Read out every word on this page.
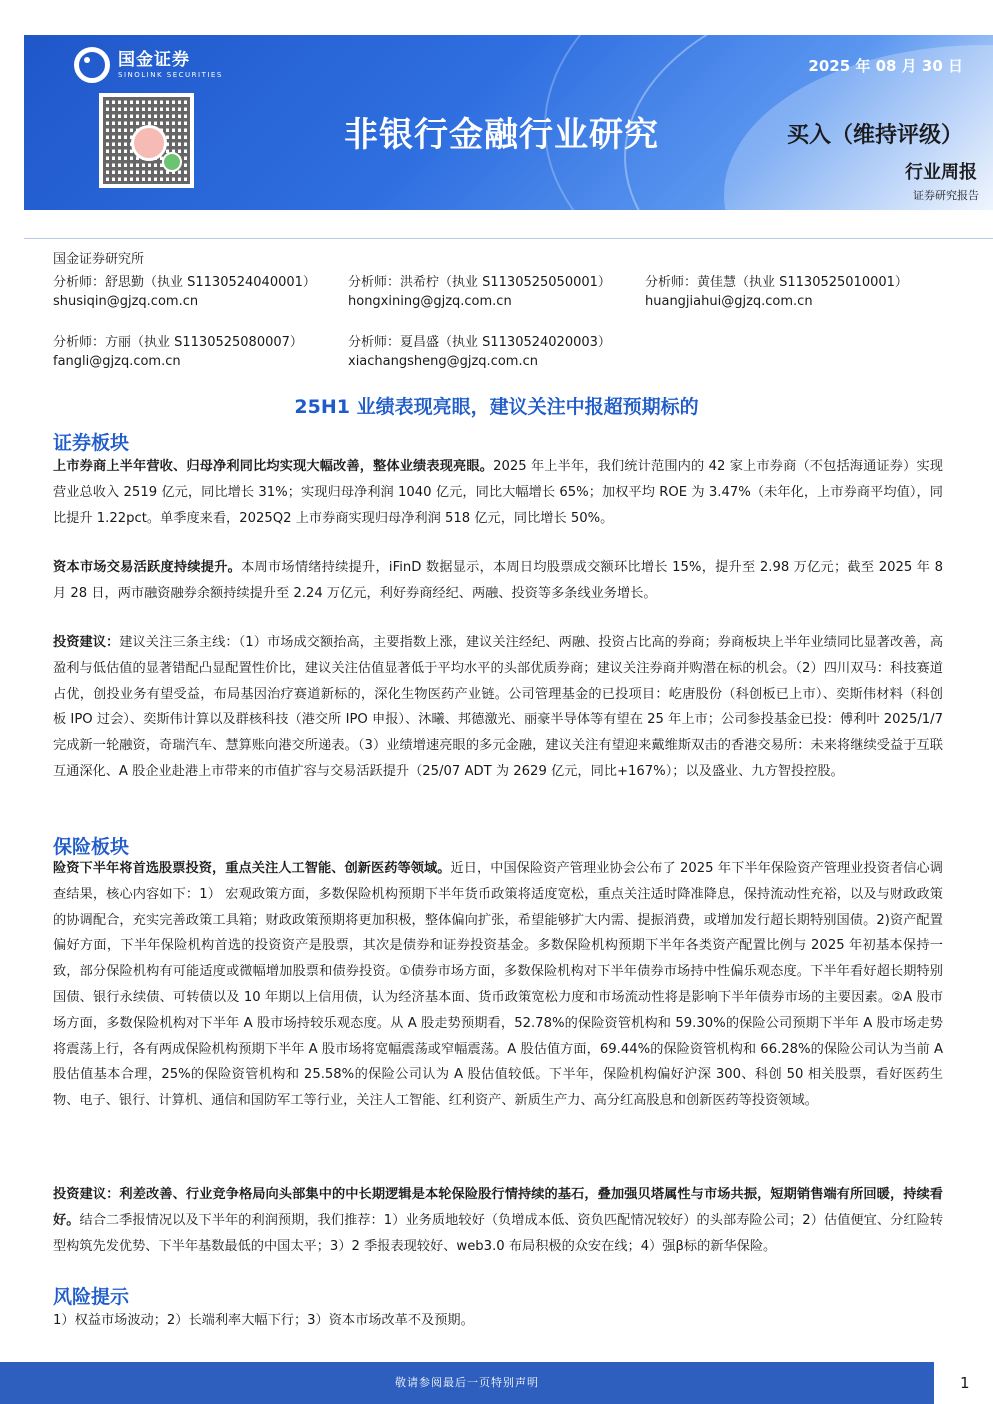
国金证券
SINOLINK SECURITIES	2025 年 08 月 30 日
非银行金融行业研究	买入（维持评级）
行业周报
证券研究报告
国金证券研究所
分析师：舒思勤（执业 S1130524040001）
shusiqin@gjzq.com.cn
分析师：洪希柠（执业 S1130525050001）
hongxining@gjzq.com.cn
分析师：黄佳慧（执业 S1130525010001）
huangjiahui@gjzq.com.cn
分析师：方丽（执业 S1130525080007）
fangli@gjzq.com.cn
分析师：夏昌盛（执业 S1130524020003）
xiachangsheng@gjzq.com.cn
25H1 业绩表现亮眼，建议关注中报超预期标的
证券板块
上市券商上半年营收、归母净利同比均实现大幅改善，整体业绩表现亮眼。2025 年上半年，我们统计范围内的 42 家上市券商（不包括海通证券）实现营业总收入 2519 亿元，同比增长 31%；实现归母净利润 1040 亿元，同比大幅增长 65%；加权平均 ROE 为 3.47%（未年化，上市券商平均值），同比提升 1.22pct。单季度来看，2025Q2 上市券商实现归母净利润 518 亿元，同比增长 50%。
资本市场交易活跃度持续提升。本周市场情绪持续提升，iFinD 数据显示，本周日均股票成交额环比增长 15%，提升至 2.98 万亿元；截至 2025 年 8 月 28 日，两市融资融券余额持续提升至 2.24 万亿元，利好券商经纪、两融、投资等多条线业务增长。
投资建议：建议关注三条主线：（1）市场成交额抬高，主要指数上涨，建议关注经纪、两融、投资占比高的券商；券商板块上半年业绩同比显著改善，高盈利与低估值的显著错配凸显配置性价比，建议关注估值显著低于平均水平的头部优质券商；建议关注券商并购潜在标的机会。（2）四川双马：科技赛道占优，创投业务有望受益，布局基因治疗赛道新标的，深化生物医药产业链。公司管理基金的已投项目：屹唐股份（科创板已上市）、奕斯伟材料（科创板 IPO 过会）、奕斯伟计算以及群核科技（港交所 IPO 申报）、沐曦、邦德激光、丽豪半导体等有望在 25 年上市；公司参投基金已投：傅利叶 2025/1/7 完成新一轮融资，奇瑞汽车、慧算账向港交所递表。（3）业绩增速亮眼的多元金融，建议关注有望迎来戴维斯双击的香港交易所：未来将继续受益于互联互通深化、A 股企业赴港上市带来的市值扩容与交易活跃提升（25/07 ADT 为 2629 亿元，同比+167%）；以及盛业、九方智投控股。
保险板块
险资下半年将首选股票投资，重点关注人工智能、创新医药等领域。近日，中国保险资产管理业协会公布了 2025 年下半年保险资产管理业投资者信心调查结果，核心内容如下：1） 宏观政策方面，多数保险机构预期下半年货币政策将适度宽松，重点关注适时降准降息，保持流动性充裕，以及与财政政策的协调配合，充实完善政策工具箱；财政政策预期将更加积极，整体偏向扩张，希望能够扩大内需、提振消费，或增加发行超长期特别国债。2)资产配置偏好方面，下半年保险机构首选的投资资产是股票，其次是债券和证券投资基金。多数保险机构预期下半年各类资产配置比例与 2025 年初基本保持一致，部分保险机构有可能适度或微幅增加股票和债券投资。①债券市场方面，多数保险机构对下半年债券市场持中性偏乐观态度。下半年看好超长期特别国债、银行永续债、可转债以及 10 年期以上信用债，认为经济基本面、货币政策宽松力度和市场流动性将是影响下半年债券市场的主要因素。②A 股市场方面，多数保险机构对下半年 A 股市场持较乐观态度。从 A 股走势预期看，52.78%的保险资管机构和 59.30%的保险公司预期下半年 A 股市场走势将震荡上行，各有两成保险机构预期下半年 A 股市场将宽幅震荡或窄幅震荡。A 股估值方面，69.44%的保险资管机构和 66.28%的保险公司认为当前 A 股估值基本合理，25%的保险资管机构和 25.58%的保险公司认为 A 股估值较低。下半年，保险机构偏好沪深 300、科创 50 相关股票，看好医药生物、电子、银行、计算机、通信和国防军工等行业，关注人工智能、红利资产、新质生产力、高分红高股息和创新医药等投资领域。
投资建议：利差改善、行业竞争格局向头部集中的中长期逻辑是本轮保险股行情持续的基石，叠加强贝塔属性与市场共振，短期销售端有所回暖，持续看好。结合二季报情况以及下半年的利润预期，我们推荐：1）业务质地较好（负增成本低、资负匹配情况较好）的头部寿险公司；2）估值便宜、分红险转型构筑先发优势、下半年基数最低的中国太平；3）2 季报表现较好、web3.0 布局积极的众安在线；4）强β标的新华保险。
风险提示
1）权益市场波动；2）长端利率大幅下行；3）资本市场改革不及预期。
敬请参阅最后一页特别声明	1
